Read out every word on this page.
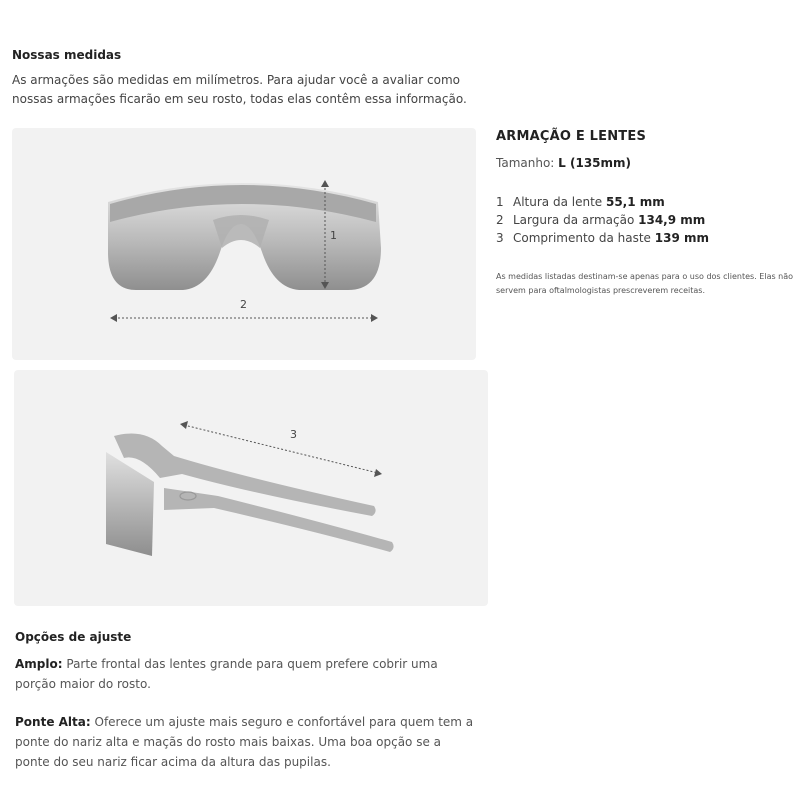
Nossas medidas

As armações são medidas em milímetros. Para ajudar você a avaliar como nossas armações ficarão em seu rosto, todas elas contêm essa informação.

1
2
3
ARMAÇÃO E LENTES
Tamanho: L (135mm)
1 Altura da lente 55,1 mm
2 Largura da armação 134,9 mm
3 Comprimento da haste 139 mm

As medidas listadas destinam-se apenas para o uso dos clientes. Elas não servem para oftalmologistas prescreverem receitas.

Opções de ajuste
Amplo: Parte frontal das lentes grande para quem prefere cobrir uma porção maior do rosto.
Ponte Alta: Oferece um ajuste mais seguro e confortável para quem tem a ponte do nariz alta e maçãs do rosto mais baixas. Uma boa opção se a ponte do seu nariz ficar acima da altura das pupilas.
